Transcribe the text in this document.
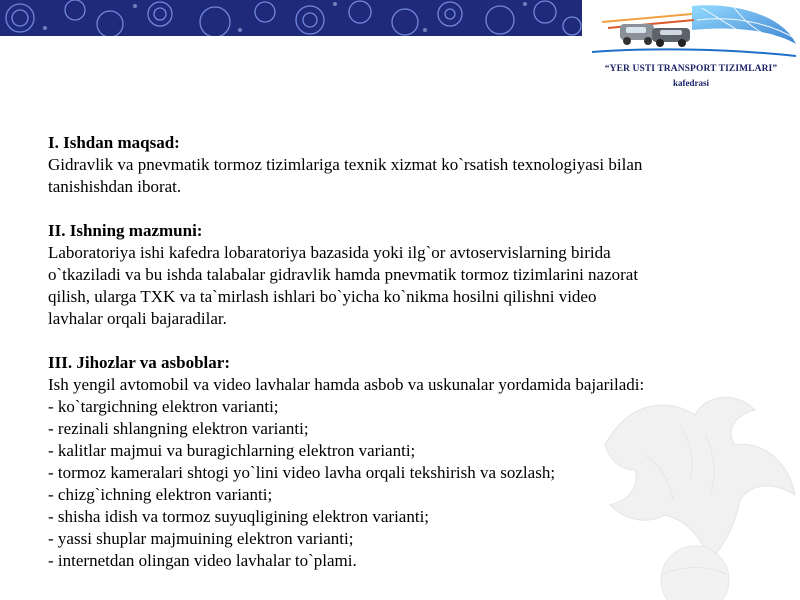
“YER USTI TRANSPORT TIZIMLARI”
kafedrasi
I. Ishdan maqsad:
Gidravlik va pnevmatik tormoz tizimlariga texnik xizmat ko`rsatish texnologiyasi bilan
tanishishdan iborat.
II. Ishning mazmuni:
Laboratoriya ishi kafedra lobaratoriya bazasida yoki ilg`or avtoservislarning birida
o`tkaziladi va bu ishda talabalar gidravlik hamda pnevmatik tormoz tizimlarini nazorat
qilish, ularga TXK va ta`mirlash ishlari bo`yicha ko`nikma hosilni qilishni video
lavhalar orqali bajaradilar.
III. Jihozlar va asboblar:
Ish yengil avtomobil va video lavhalar hamda asbob va uskunalar yordamida bajariladi:
- ko`targichning elektron varianti;
- rezinali shlangning elektron varianti;
- kalitlar majmui va buragichlarning elektron varianti;
- tormoz kameralari shtogi yo`lini video lavha orqali tekshirish va sozlash;
- chizg`ichning elektron varianti;
- shisha idish va tormoz suyuqligining elektron varianti;
- yassi shuplar majmuining elektron varianti;
- internetdan olingan video lavhalar to`plami.
